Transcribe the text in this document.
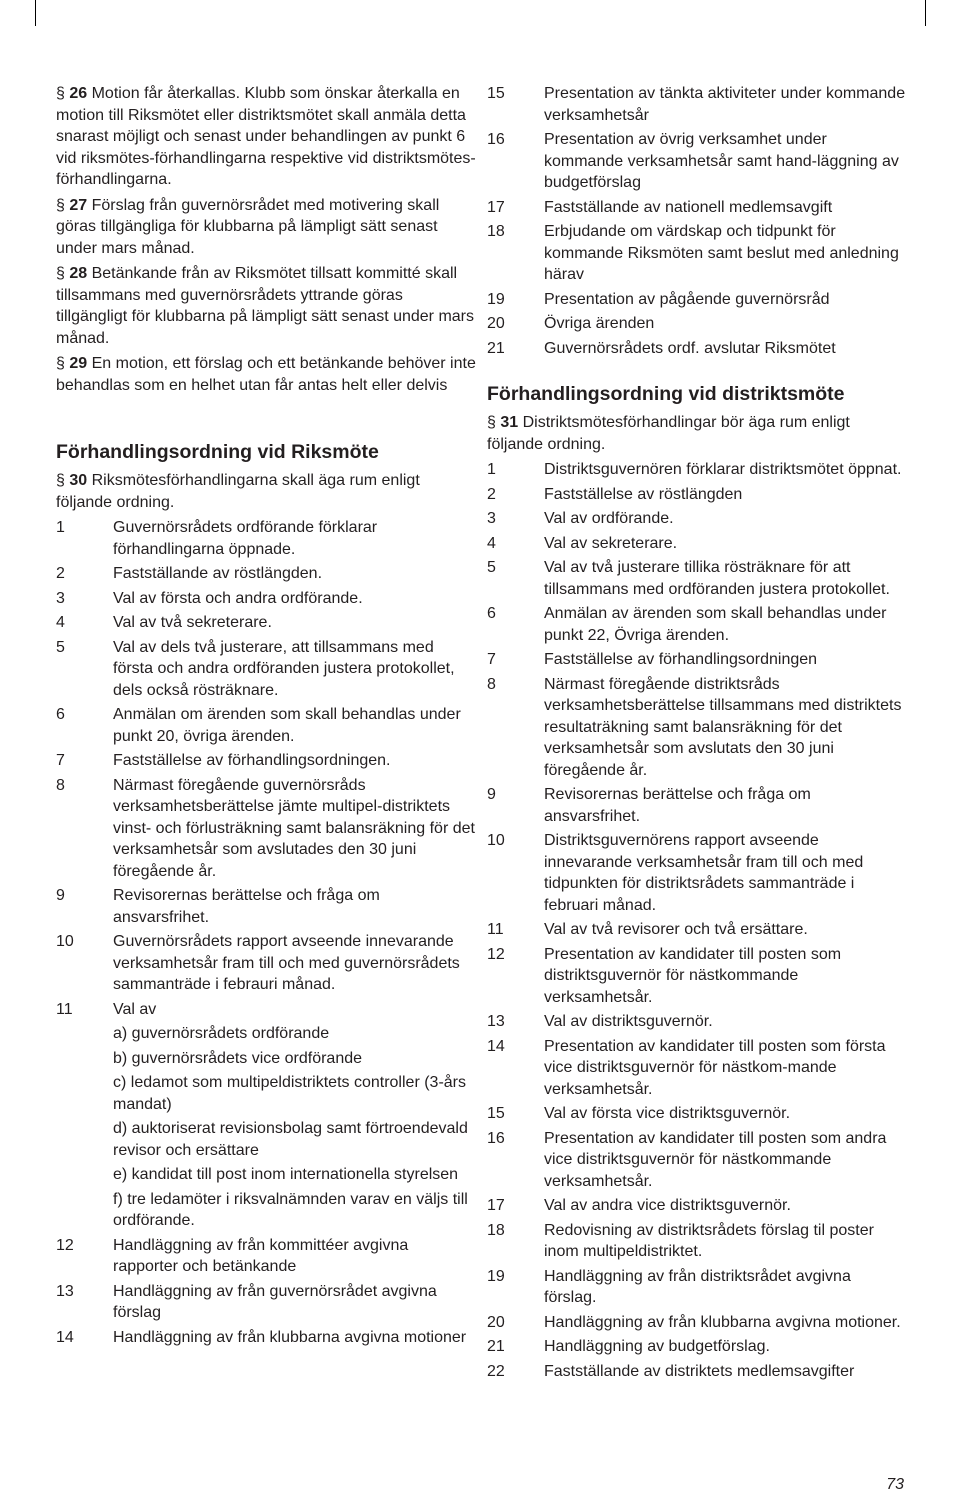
§ 26 Motion får återkallas. Klubb som önskar återkalla en motion till Riksmötet eller distriktsmötet skall anmäla detta snarast möjligt och senast under behandlingen av punkt 6 vid riksmötes-förhandlingarna respektive vid distriktsmötes-förhandlingarna.
§ 27 Förslag från guvernörsrådet med motivering skall göras tillgängliga för klubbarna på lämpligt sätt senast under mars månad.
§ 28 Betänkande från av Riksmötet tillsatt kommitté skall tillsammans med guvernörsrådets yttrande göras tillgängligt för klubbarna på lämpligt sätt senast under mars månad.
§ 29 En motion, ett förslag och ett betänkande behöver inte behandlas som en helhet utan får antas helt eller delvis
Förhandlingsordning vid Riksmöte
§ 30 Riksmötesförhandlingarna skall äga rum enligt följande ordning.
1	Guvernörsrådets ordförande förklarar förhandlingarna öppnade.
2	Fastställande av röstlängden.
3	Val av första och andra ordförande.
4	Val av två sekreterare.
5	Val av dels två justerare, att tillsammans med första och andra ordföranden justera protokollet, dels också rösträknare.
6	Anmälan om ärenden som skall behandlas under punkt 20, övriga ärenden.
7	Fastställelse av förhandlingsordningen.
8	Närmast föregående guvernörsråds verksamhetsberättelse jämte multipel-distriktets vinst- och förlusträkning samt balansräkning för det verksamhetsår som avslutades den 30 juni föregående år.
9	Revisorernas berättelse och fråga om ansvarsfrihet.
10	Guvernörsrådets rapport avseende innevarande verksamhetsår fram till och med guvernörsrådets sammanträde i febrauri månad.
11	Val av
a) guvernörsrådets ordförande
b) guvernörsrådets vice ordförande
c) ledamot som multipeldistriktets controller (3-års mandat)
d) auktoriserat revisionsbolag samt förtroendevald revisor och ersättare
e) kandidat till post inom internationella styrelsen
f) tre ledamöter i riksvalnämnden varav en väljs till ordförande.
12	Handläggning av från kommittéer avgivna rapporter och betänkande
13	Handläggning av från guvernörsrådet avgivna förslag
14	Handläggning av från klubbarna avgivna motioner
15	Presentation av tänkta aktiviteter under kommande verksamhetsår
16	Presentation av övrig verksamhet under kommande verksamhetsår samt hand-läggning av budgetförslag
17	Fastställande av nationell medlemsavgift
18	Erbjudande om värdskap och tidpunkt för kommande Riksmöten samt beslut med anledning härav
19	Presentation av pågående guvernörsråd
20	Övriga ärenden
21	Guvernörsrådets ordf. avslutar Riksmötet
Förhandlingsordning vid distriktsmöte
§ 31 Distriktsmötesförhandlingar bör äga rum enligt följande ordning.
1	Distriktsguvernören förklarar distriktsmötet öppnat.
2	Fastställelse av röstlängden
3	Val av ordförande.
4	Val av sekreterare.
5	Val av två justerare tillika rösträknare för att tillsammans med ordföranden justera protokollet.
6	Anmälan av ärenden som skall behandlas under punkt 22, Övriga ärenden.
7	Fastställelse av förhandlingsordningen
8	Närmast föregående distriktsråds verksamhetsberättelse tillsammans med distriktets resultaträkning samt balansräkning för det verksamhetsår som avslutats den 30 juni föregående år.
9	Revisorernas berättelse och fråga om ansvarsfrihet.
10	Distriktsguvernörens rapport avseende innevarande verksamhetsår fram till och med tidpunkten för distriktsrådets sammanträde i februari månad.
11	Val av två revisorer och två ersättare.
12	Presentation av kandidater till posten som distriktsguvernör för nästkommande verksamhetsår.
13	Val av distriktsguvernör.
14	Presentation av kandidater till posten som första vice distriktsguvernör för nästkom-mande verksamhetsår.
15	Val av första vice distriktsguvernör.
16	Presentation av kandidater till posten som andra vice distriktsguvernör för nästkommande verksamhetsår.
17	Val av andra vice distriktsguvernör.
18	Redovisning av distriktsrådets förslag til poster inom multipeldistriktet.
19	Handläggning av från distriktsrådet avgivna förslag.
20	Handläggning av från klubbarna avgivna motioner.
21	Handläggning av budgetförslag.
22	Fastställande av distriktets medlemsavgifter
73
